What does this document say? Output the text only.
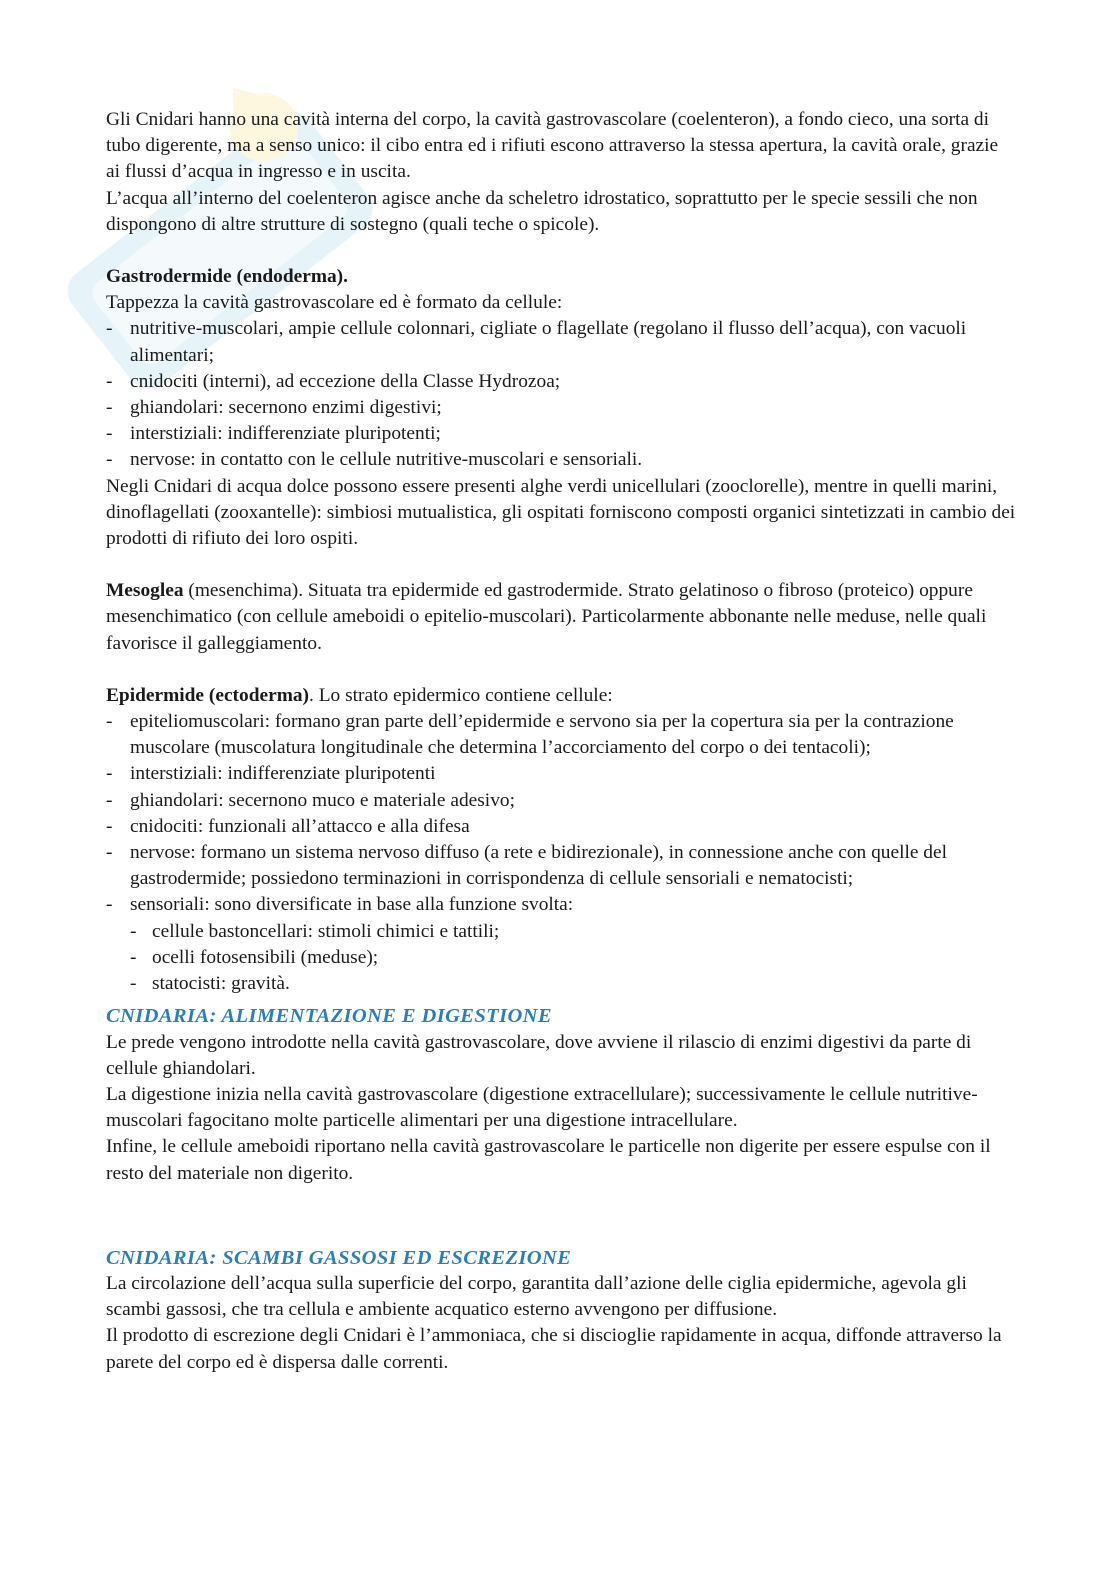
Gli Cnidari hanno una cavità interna del corpo, la cavità gastrovascolare (coelenteron), a fondo cieco, una sorta di tubo digerente, ma a senso unico: il cibo entra ed i rifiuti escono attraverso la stessa apertura, la cavità orale, grazie ai flussi d’acqua in ingresso e in uscita.

L’acqua all’interno del coelenteron agisce anche da scheletro idrostatico, soprattutto per le specie sessili che non dispongono di altre strutture di sostegno (quali teche o spicole).

Gastrodermide (endoderma).

Tappezza la cavità gastrovascolare ed è formato da cellule:

- nutritive-muscolari, ampie cellule colonnari, cigliate o flagellate (regolano il flusso dell’acqua), con vacuoli alimentari;
- cnidociti (interni), ad eccezione della Classe Hydrozoa;
- ghiandolari: secernono enzimi digestivi;
- interstiziali: indifferenziate pluripotenti;
- nervose: in contatto con le cellule nutritive-muscolari e sensoriali.

Negli Cnidari di acqua dolce possono essere presenti alghe verdi unicellulari (zooclorelle), mentre in quelli marini, dinoflagellati (zooxantelle): simbiosi mutualistica, gli ospitati forniscono composti organici sintetizzati in cambio dei prodotti di rifiuto dei loro ospiti.

Mesoglea (mesenchima). Situata tra epidermide ed gastrodermide. Strato gelatinoso o fibroso (proteico) oppure mesenchimatico (con cellule ameboidi o epitelio-muscolari). Particolarmente abbonante nelle meduse, nelle quali favorisce il galleggiamento.

Epidermide (ectoderma). Lo strato epidermico contiene cellule:

- epiteliomuscolari: formano gran parte dell’epidermide e servono sia per la copertura sia per la contrazione muscolare (muscolatura longitudinale che determina l’accorciamento del corpo o dei tentacoli);
- interstiziali: indifferenziate pluripotenti
- ghiandolari: secernono muco e materiale adesivo;
- cnidociti: funzionali all’attacco e alla difesa
- nervose: formano un sistema nervoso diffuso (a rete e bidirezionale), in connessione anche con quelle del gastrodermide; possiedono terminazioni in corrispondenza di cellule sensoriali e nematocisti;
- sensoriali: sono diversificate in base alla funzione svolta:
- cellule bastoncellari: stimoli chimici e tattili;
- ocelli fotosensibili (meduse);
- statocisti: gravità.
CNIDARIA: ALIMENTAZIONE E DIGESTIONE

Le prede vengono introdotte nella cavità gastrovascolare, dove avviene il rilascio di enzimi digestivi da parte di cellule ghiandolari.

La digestione inizia nella cavità gastrovascolare (digestione extracellulare); successivamente le cellule nutritive-muscolari fagocitano molte particelle alimentari per una digestione intracellulare.

Infine, le cellule ameboidi riportano nella cavità gastrovascolare le particelle non digerite per essere espulse con il resto del materiale non digerito.

CNIDARIA: SCAMBI GASSOSI ED ESCREZIONE

La circolazione dell’acqua sulla superficie del corpo, garantita dall’azione delle ciglia epidermiche, agevola gli scambi gassosi, che tra cellula e ambiente acquatico esterno avvengono per diffusione.

Il prodotto di escrezione degli Cnidari è l’ammoniaca, che si discioglie rapidamente in acqua, diffonde attraverso la parete del corpo ed è dispersa dalle correnti.
